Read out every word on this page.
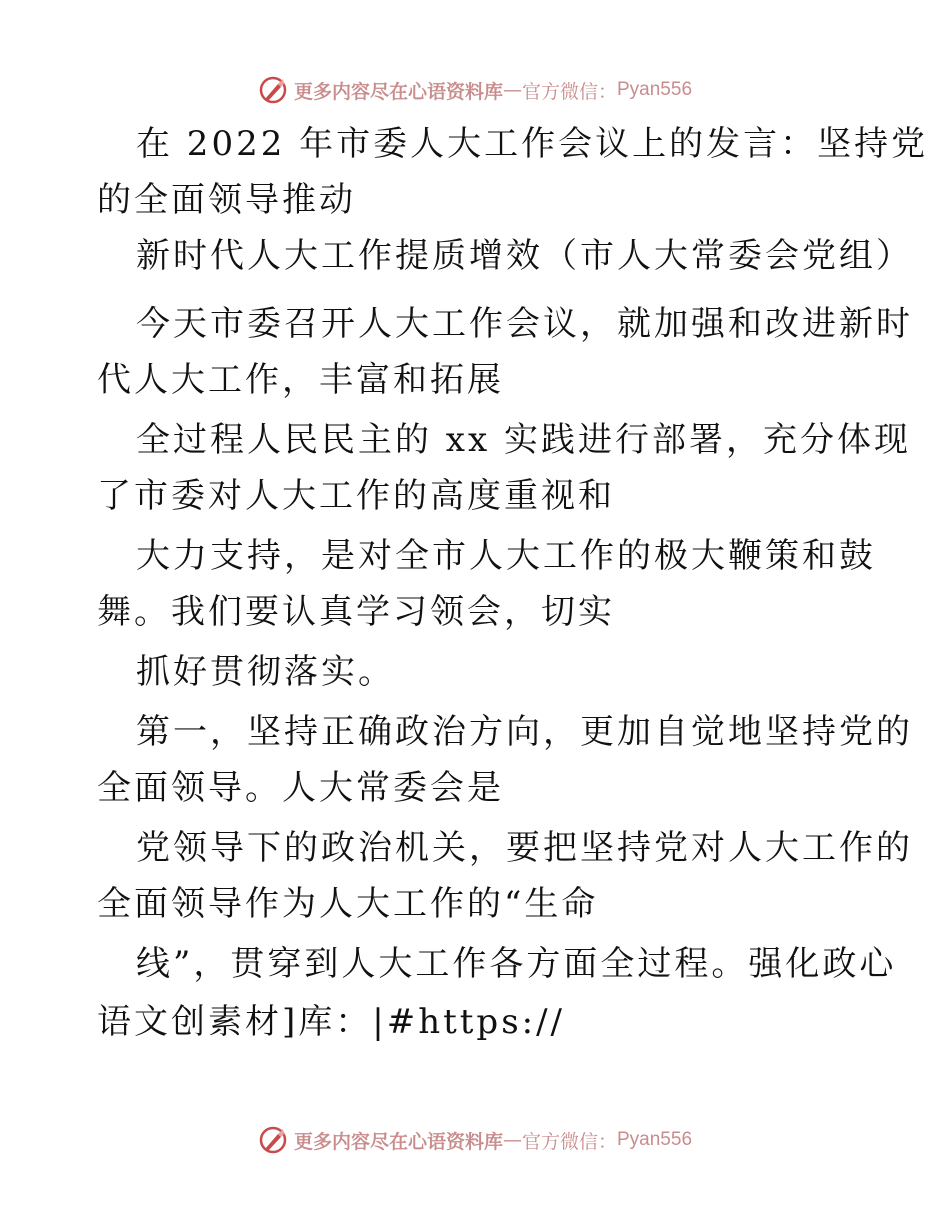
更多内容尽在心语资料库 — 官方微信： Pyan556
在 2022 年市委人大工作会议上的发言：坚持党
的全面领导推动
新时代人大工作提质增效（市人大常委会党组）
今天市委召开人大工作会议，就加强和改进新时
代人大工作，丰富和拓展
全过程人民民主的 xx 实践进行部署，充分体现
了市委对人大工作的高度重视和
大力支持，是对全市人大工作的极大鞭策和鼓
舞。我们要认真学习领会，切实
抓好贯彻落实。
第一，坚持正确政治方向，更加自觉地坚持党的
全面领导。人大常委会是
党领导下的政治机关，要把坚持党对人大工作的
全面领导作为人大工作的“生命
线”，贯穿到人大工作各方面全过程。强化政心
语文创素材]库：|#https://
更多内容尽在心语资料库 — 官方微信： Pyan556
